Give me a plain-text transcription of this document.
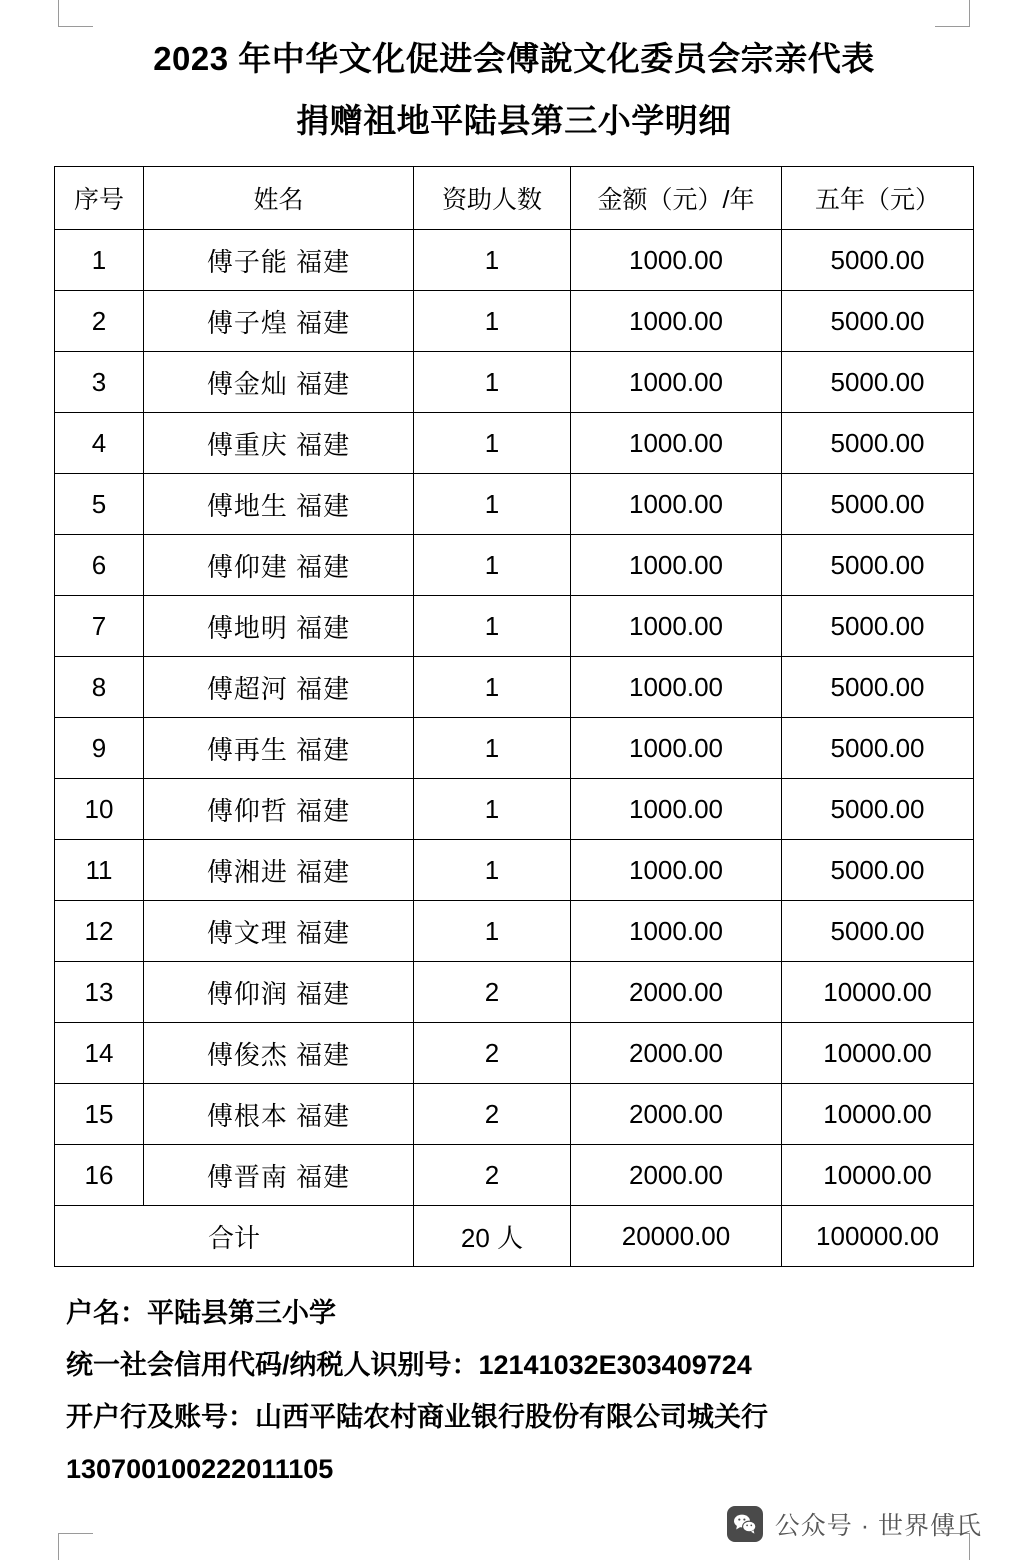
2023 年中华文化促进会傅說文化委员会宗亲代表
捐赠祖地平陆县第三小学明细
序号	姓名	资助人数	金额（元）/年	五年（元）
1	傅子能 福建	1	1000.00	5000.00
2	傅子煌 福建	1	1000.00	5000.00
3	傅金灿 福建	1	1000.00	5000.00
4	傅重庆 福建	1	1000.00	5000.00
5	傅地生 福建	1	1000.00	5000.00
6	傅仰建 福建	1	1000.00	5000.00
7	傅地明 福建	1	1000.00	5000.00
8	傅超河 福建	1	1000.00	5000.00
9	傅再生 福建	1	1000.00	5000.00
10	傅仰哲 福建	1	1000.00	5000.00
11	傅湘进 福建	1	1000.00	5000.00
12	傅文理 福建	1	1000.00	5000.00
13	傅仰润 福建	2	2000.00	10000.00
14	傅俊杰 福建	2	2000.00	10000.00
15	傅根本 福建	2	2000.00	10000.00
16	傅晋南 福建	2	2000.00	10000.00
合计		20 人	20000.00	100000.00
户名：平陆县第三小学
统一社会信用代码/纳税人识别号：12141032E303409724
开户行及账号：山西平陆农村商业银行股份有限公司城关行
130700100222011105
公众号 · 世界傅氏
